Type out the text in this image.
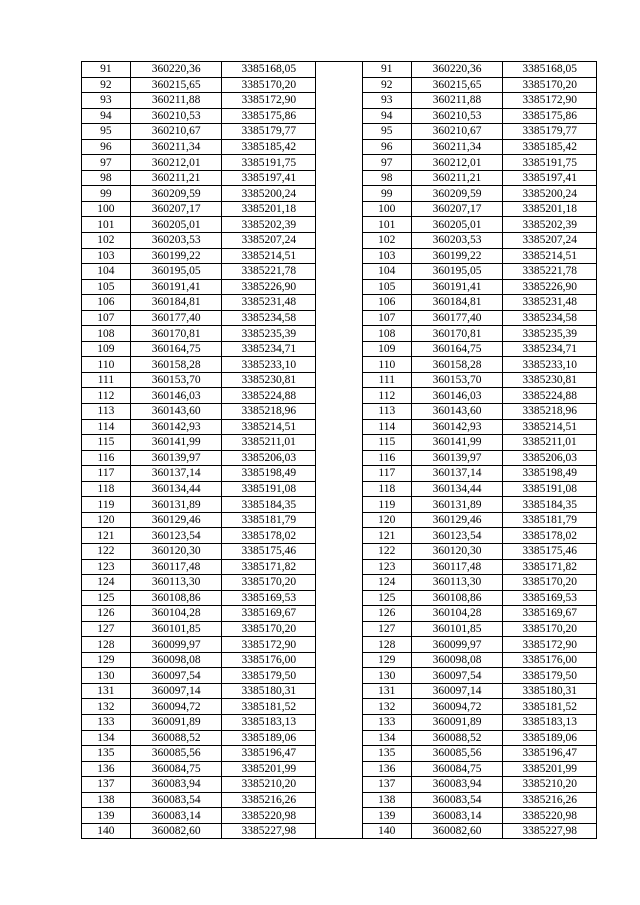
91	360220,36	3385168,05		91	360220,36	3385168,05
92	360215,65	3385170,20		92	360215,65	3385170,20
93	360211,88	3385172,90		93	360211,88	3385172,90
94	360210,53	3385175,86		94	360210,53	3385175,86
95	360210,67	3385179,77		95	360210,67	3385179,77
96	360211,34	3385185,42		96	360211,34	3385185,42
97	360212,01	3385191,75		97	360212,01	3385191,75
98	360211,21	3385197,41		98	360211,21	3385197,41
99	360209,59	3385200,24		99	360209,59	3385200,24
100	360207,17	3385201,18		100	360207,17	3385201,18
101	360205,01	3385202,39		101	360205,01	3385202,39
102	360203,53	3385207,24		102	360203,53	3385207,24
103	360199,22	3385214,51		103	360199,22	3385214,51
104	360195,05	3385221,78		104	360195,05	3385221,78
105	360191,41	3385226,90		105	360191,41	3385226,90
106	360184,81	3385231,48		106	360184,81	3385231,48
107	360177,40	3385234,58		107	360177,40	3385234,58
108	360170,81	3385235,39		108	360170,81	3385235,39
109	360164,75	3385234,71		109	360164,75	3385234,71
110	360158,28	3385233,10		110	360158,28	3385233,10
111	360153,70	3385230,81		111	360153,70	3385230,81
112	360146,03	3385224,88		112	360146,03	3385224,88
113	360143,60	3385218,96		113	360143,60	3385218,96
114	360142,93	3385214,51		114	360142,93	3385214,51
115	360141,99	3385211,01		115	360141,99	3385211,01
116	360139,97	3385206,03		116	360139,97	3385206,03
117	360137,14	3385198,49		117	360137,14	3385198,49
118	360134,44	3385191,08		118	360134,44	3385191,08
119	360131,89	3385184,35		119	360131,89	3385184,35
120	360129,46	3385181,79		120	360129,46	3385181,79
121	360123,54	3385178,02		121	360123,54	3385178,02
122	360120,30	3385175,46		122	360120,30	3385175,46
123	360117,48	3385171,82		123	360117,48	3385171,82
124	360113,30	3385170,20		124	360113,30	3385170,20
125	360108,86	3385169,53		125	360108,86	3385169,53
126	360104,28	3385169,67		126	360104,28	3385169,67
127	360101,85	3385170,20		127	360101,85	3385170,20
128	360099,97	3385172,90		128	360099,97	3385172,90
129	360098,08	3385176,00		129	360098,08	3385176,00
130	360097,54	3385179,50		130	360097,54	3385179,50
131	360097,14	3385180,31		131	360097,14	3385180,31
132	360094,72	3385181,52		132	360094,72	3385181,52
133	360091,89	3385183,13		133	360091,89	3385183,13
134	360088,52	3385189,06		134	360088,52	3385189,06
135	360085,56	3385196,47		135	360085,56	3385196,47
136	360084,75	3385201,99		136	360084,75	3385201,99
137	360083,94	3385210,20		137	360083,94	3385210,20
138	360083,54	3385216,26		138	360083,54	3385216,26
139	360083,14	3385220,98		139	360083,14	3385220,98
140	360082,60	3385227,98		140	360082,60	3385227,98
